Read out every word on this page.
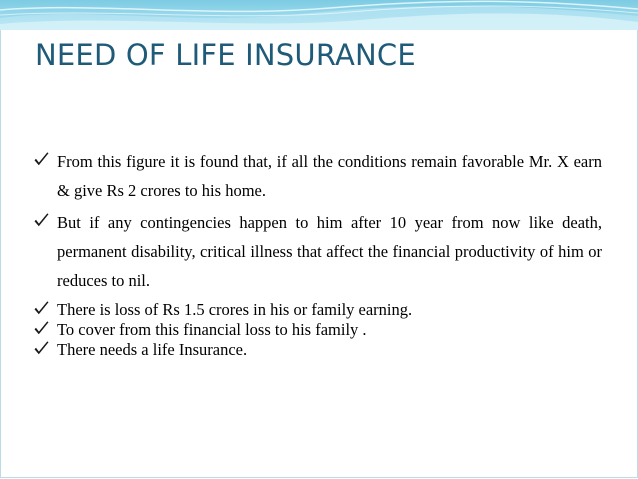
NEED OF LIFE INSURANCE
From this figure it is found that, if all the conditions remain favorable Mr. X earn & give Rs 2 crores to his home.
But if any contingencies happen to him after 10 year from now like death, permanent disability, critical illness that affect the financial productivity of him or reduces to nil.
There is loss of Rs 1.5 crores in his or family earning.
To cover from this financial loss to his family .
There needs a life Insurance.
